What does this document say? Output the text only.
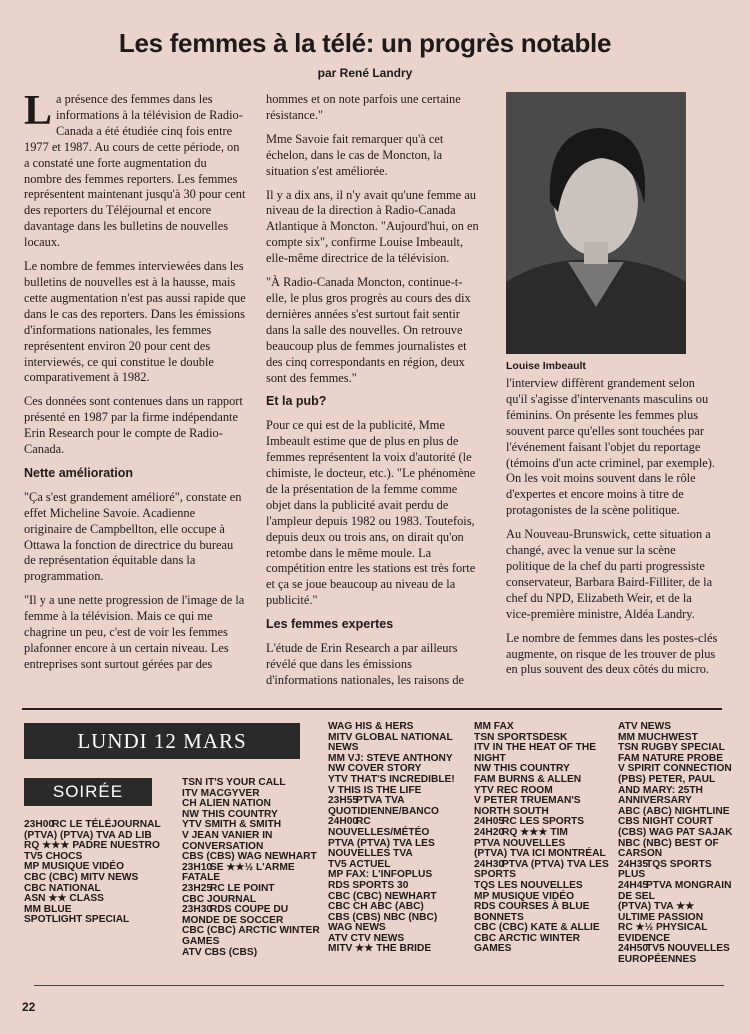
Les femmes à la télé: un progrès notable
par René Landry

La présence des femmes dans les informations à la télévision de Radio-Canada a été étudiée cinq fois entre 1977 et 1987. Au cours de cette période, on a constaté une forte augmentation du nombre des femmes reporters. Les femmes représentent maintenant jusqu'à 30 pour cent des reporters du Téléjournal et encore davantage dans les bulletins de nouvelles locaux.

Le nombre de femmes interviewées dans les bulletins de nouvelles est à la hausse, mais cette augmentation n'est pas aussi rapide que dans le cas des reporters. Dans les émissions d'informations nationales, les femmes représentent environ 20 pour cent des interviewés, ce qui constitue le double comparativement à 1982.

Ces données sont contenues dans un rapport présenté en 1987 par la firme indépendante Erin Research pour le compte de Radio-Canada.

Nette amélioration

"Ça s'est grandement amélioré", constate en effet Micheline Savoie. Acadienne originaire de Campbellton, elle occupe à Ottawa la fonction de directrice du bureau de représentation équitable dans la programmation.

"Il y a une nette progression de l'image de la femme à la télévision. Mais ce qui me chagrine un peu, c'est de voir les femmes plafonner encore à un certain niveau. Les entreprises sont surtout gérées par des

hommes et on note parfois une certaine résistance."

Mme Savoie fait remarquer qu'à cet échelon, dans le cas de Moncton, la situation s'est améliorée.

Il y a dix ans, il n'y avait qu'une femme au niveau de la direction à Radio-Canada Atlantique à Moncton. "Aujourd'hui, on en compte six", confirme Louise Imbeault, elle-même directrice de la télévision.

"À Radio-Canada Moncton, continue-t-elle, le plus gros progrès au cours des dix dernières années s'est surtout fait sentir dans la salle des nouvelles. On retrouve beaucoup plus de femmes journalistes et des cinq correspondants en région, deux sont des femmes."

Et la pub?

Pour ce qui est de la publicité, Mme Imbeault estime que de plus en plus de femmes représentent la voix d'autorité (le chimiste, le docteur, etc.). "Le phénomène de la présentation de la femme comme objet dans la publicité avait perdu de l'ampleur depuis 1982 ou 1983. Toutefois, depuis deux ou trois ans, on dirait qu'on retombe dans le même moule. La compétition entre les stations est très forte et ça se joue beaucoup au niveau de la publicité."

Les femmes expertes

L'étude de Erin Research a par ailleurs révélé que dans les émissions d'informations nationales, les raisons de

Louise Imbeault

l'interview diffèrent grandement selon qu'il s'agisse d'intervenants masculins ou féminins. On présente les femmes plus souvent parce qu'elles sont touchées par l'événement faisant l'objet du reportage (témoins d'un acte criminel, par exemple). On les voit moins souvent dans le rôle d'expertes et encore moins à titre de protagonistes de la scène politique.

Au Nouveau-Brunswick, cette situation a changé, avec la venue sur la scène politique de la chef du parti progressiste conservateur, Barbara Baird-Filliter, de la chef du NPD, Elizabeth Weir, et de la vice-première ministre, Aldéa Landry.

Le nombre de femmes dans les postes-clés augmente, on risque de les trouver de plus en plus souvent des deux côtés du micro.

LUNDI 12 MARS
SOIRÉE
23H00RC LE TÉLÉJOURNAL (PTVA) (PTVA) TVA AD LIB
RQ ★★★ PADRE NUESTRO
TV5 CHOCS
MP MUSIQUE VIDÉO
CBC (CBC) MITV NEWS
CBC NATIONAL
ASN ★★ CLASS
MM BLUE
SPOTLIGHT SPECIAL
TSN IT'S YOUR CALL
ITV MACGYVER
CH ALIEN NATION
NW THIS COUNTRY
YTV SMITH & SMITH
V JEAN VANIER IN CONVERSATION
CBS (CBS) WAG NEWHART
23H10SE ★★½ L'ARME FATALE
23H25RC LE POINT
CBC JOURNAL
23H30RDS COUPE DU MONDE DE SOCCER
CBC (CBC) ARCTIC WINTER GAMES
ATV CBS (CBS)
WAG HIS & HERS
MITV GLOBAL NATIONAL NEWS
MM VJ: STEVE ANTHONY
NW COVER STORY
YTV THAT'S INCREDIBLE!
V THIS IS THE LIFE
23H55PTVA TVA QUOTIDIENNE/BANCO
24H00RC NOUVELLES/MÉTÉO
PTVA (PTVA) TVA LES NOUVELLES TVA
TV5 ACTUEL
MP FAX: L'INFOPLUS
RDS SPORTS 30
CBC (CBC) NEWHART
CBC CH ABC (ABC)
CBS (CBS) NBC (NBC)
WAG NEWS
ATV CTV NEWS
MITV ★★ THE BRIDE
MM FAX
TSN SPORTSDESK
ITV IN THE HEAT OF THE NIGHT
NW THIS COUNTRY
FAM BURNS & ALLEN
YTV REC ROOM
V PETER TRUEMAN'S NORTH SOUTH
24H05RC LES SPORTS
24H20RQ ★★★ TIM
PTVA NOUVELLES
(PTVA) TVA ICI MONTRÉAL
24H30PTVA (PTVA) TVA LES SPORTS
TQS LES NOUVELLES
MP MUSIQUE VIDÉO
RDS COURSES À BLUE BONNETS
CBC (CBC) KATE & ALLIE
CBC ARCTIC WINTER GAMES
ATV NEWS
MM MUCHWEST
TSN RUGBY SPECIAL
FAM NATURE PROBE
V SPIRIT CONNECTION
(PBS) PETER, PAUL AND MARY: 25TH ANNIVERSARY
ABC (ABC) NIGHTLINE
CBS NIGHT COURT
(CBS) WAG PAT SAJAK
NBC (NBC) BEST OF CARSON
24H35TQS SPORTS PLUS
24H45PTVA MONGRAIN DE SEL
(PTVA) TVA ★★ ULTIME PASSION
RC ★½ PHYSICAL EVIDENCE
24H50TV5 NOUVELLES EUROPÉENNES
22
